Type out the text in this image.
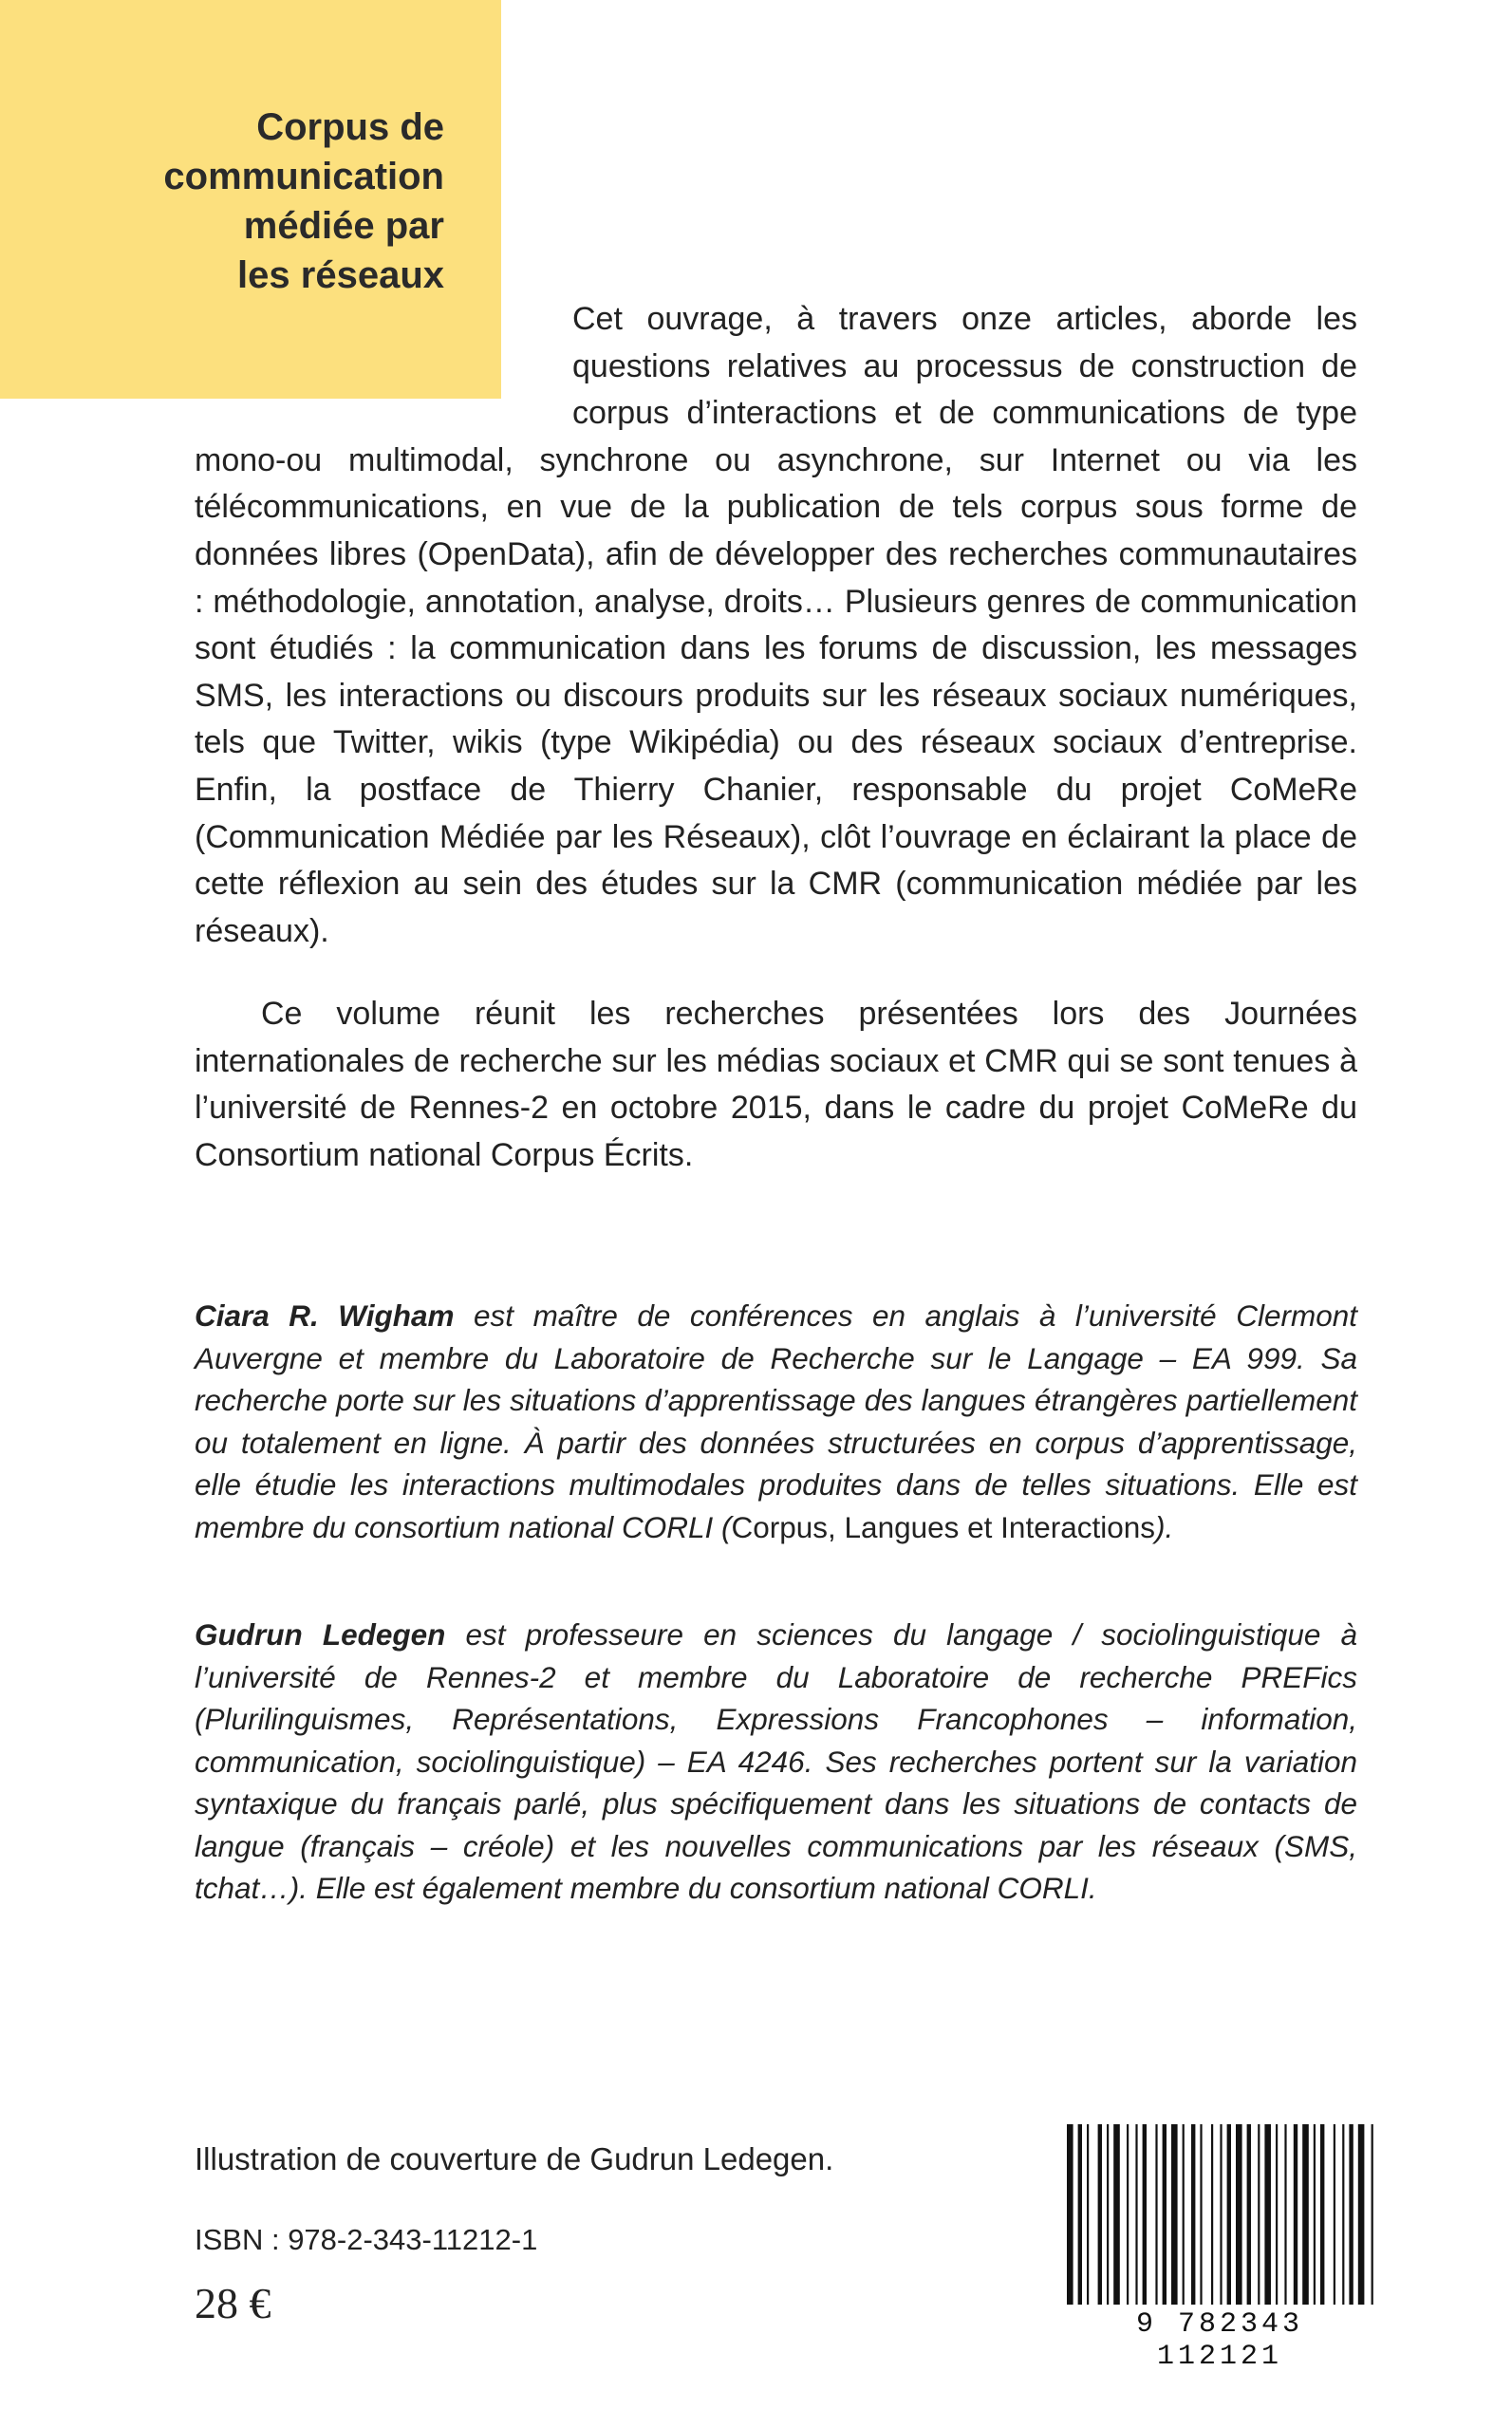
Corpus de
communication
médiée par
les réseaux
Cet ouvrage, à travers onze articles, aborde les questions relatives au processus de construction de corpus d’interactions et de communications de type mono-ou multimodal, synchrone ou asynchrone, sur Internet ou via les télécommunications, en vue de la publication de tels corpus sous forme de données libres (OpenData), afin de développer des recherches communautaires : méthodologie, annotation, analyse, droits… Plusieurs genres de communication sont étudiés : la communication dans les forums de discussion, les messages SMS, les interactions ou discours produits sur les réseaux sociaux numériques, tels que Twitter, wikis (type Wikipédia) ou des réseaux sociaux d’entreprise. Enfin, la postface de Thierry Chanier, responsable du projet CoMeRe (Communication Médiée par les Réseaux), clôt l’ouvrage en éclairant la place de cette réflexion au sein des études sur la CMR (communication médiée par les réseaux).

Ce volume réunit les recherches présentées lors des Journées internationales de recherche sur les médias sociaux et CMR qui se sont tenues à l’université de Rennes-2 en octobre 2015, dans le cadre du projet CoMeRe du Consortium national Corpus Écrits.

Ciara R. Wigham est maître de conférences en anglais à l’université Clermont Auvergne et membre du Laboratoire de Recherche sur le Langage – EA 999. Sa recherche porte sur les situations d’apprentissage des langues étrangères partiellement ou totalement en ligne. À partir des données structurées en corpus d’apprentissage, elle étudie les interactions multimodales produites dans de telles situations. Elle est membre du consortium national CORLI (Corpus, Langues et Interactions).

Gudrun Ledegen est professeure en sciences du langage / sociolinguistique à l’université de Rennes-2 et membre du Laboratoire de recherche PREFics (Plurilinguismes, Représentations, Expressions Francophones – information, communication, sociolinguistique) – EA 4246. Ses recherches portent sur la variation syntaxique du français parlé, plus spécifiquement dans les situations de contacts de langue (français – créole) et les nouvelles communications par les réseaux (SMS, tchat…). Elle est également membre du consortium national CORLI.

Illustration de couverture de Gudrun Ledegen.

ISBN : 978-2-343-11212-1

28 €	9 782343 112121
